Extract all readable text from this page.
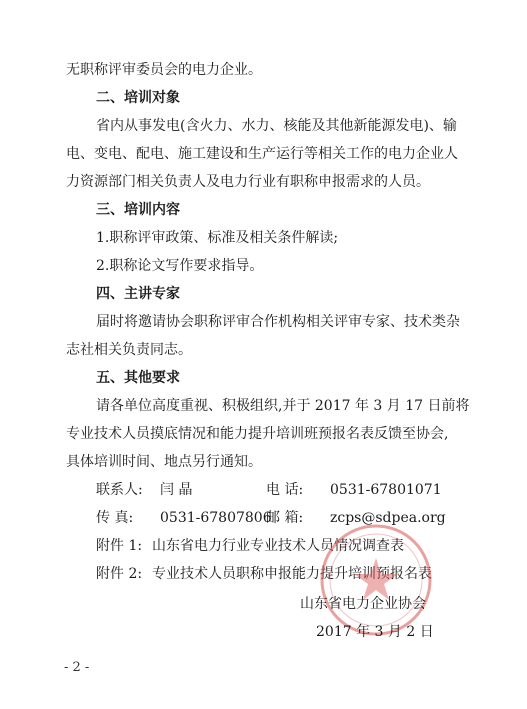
无职称评审委员会的电力企业。
二、培训对象
省内从事发电(含火力、水力、核能及其他新能源发电)、输
电、变电、配电、施工建设和生产运行等相关工作的电力企业人
力资源部门相关负责人及电力行业有职称申报需求的人员。
三、培训内容
1.职称评审政策、标准及相关条件解读;
2.职称论文写作要求指导。
四、主讲专家
届时将邀请协会职称评审合作机构相关评审专家、技术类杂
志社相关负责同志。
五、其他要求
请各单位高度重视、积极组织,并于 2017 年 3 月 17 日前将
专业技术人员摸底情况和能力提升培训班预报名表反馈至协会,
具体培训时间、地点另行通知。
联系人: 闫 晶	电 话: 0531-67801071
传 真: 0531-67807806
邮 箱: zcps@sdpea.org
附件 1: 山东省电力行业专业技术人员情况调查表
附件 2: 专业技术人员职称申报能力提升培训预报名表
山东省电力企业协会
2017 年 3 月 2 日
- 2 -
